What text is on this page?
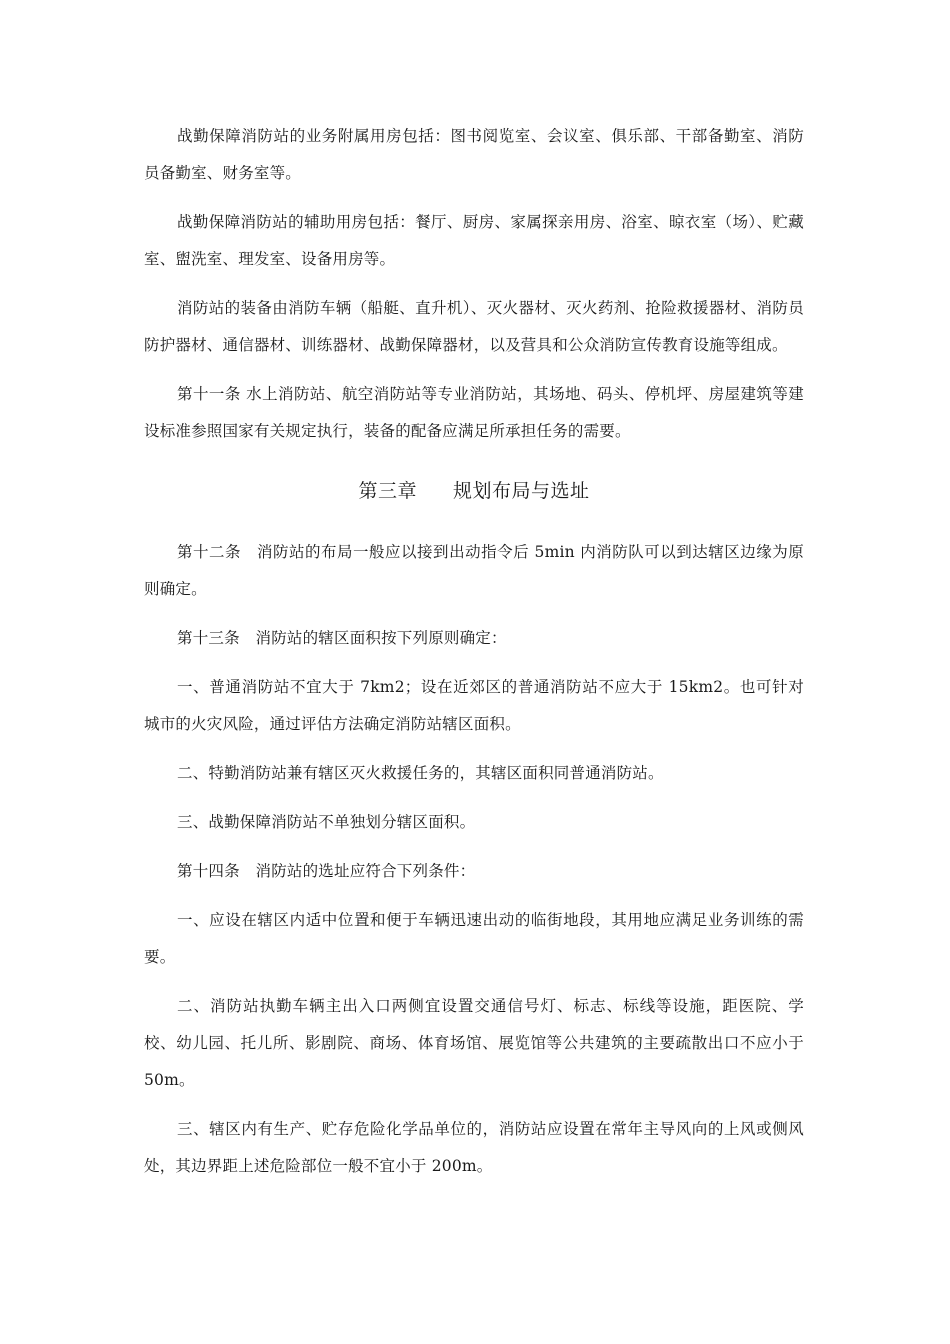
战勤保障消防站的业务附属用房包括：图书阅览室、会议室、俱乐部、干部备勤室、消防员备勤室、财务室等。

战勤保障消防站的辅助用房包括：餐厅、厨房、家属探亲用房、浴室、晾衣室（场）、贮藏室、盥洗室、理发室、设备用房等。

消防站的装备由消防车辆（船艇、直升机）、灭火器材、灭火药剂、抢险救援器材、消防员防护器材、通信器材、训练器材、战勤保障器材，以及营具和公众消防宣传教育设施等组成。

第十一条 水上消防站、航空消防站等专业消防站，其场地、码头、停机坪、房屋建筑等建设标准参照国家有关规定执行，装备的配备应满足所承担任务的需要。

第三章 规划布局与选址

第十二条　消防站的布局一般应以接到出动指令后 5min 内消防队可以到达辖区边缘为原则确定。

第十三条　消防站的辖区面积按下列原则确定：

一、普通消防站不宜大于 7km2；设在近郊区的普通消防站不应大于 15km2。也可针对城市的火灾风险，通过评估方法确定消防站辖区面积。

二、特勤消防站兼有辖区灭火救援任务的，其辖区面积同普通消防站。

三、战勤保障消防站不单独划分辖区面积。

第十四条　消防站的选址应符合下列条件：

一、应设在辖区内适中位置和便于车辆迅速出动的临街地段，其用地应满足业务训练的需要。

二、消防站执勤车辆主出入口两侧宜设置交通信号灯、标志、标线等设施，距医院、学校、幼儿园、托儿所、影剧院、商场、体育场馆、展览馆等公共建筑的主要疏散出口不应小于 50m。

三、辖区内有生产、贮存危险化学品单位的，消防站应设置在常年主导风向的上风或侧风处，其边界距上述危险部位一般不宜小于 200m。
